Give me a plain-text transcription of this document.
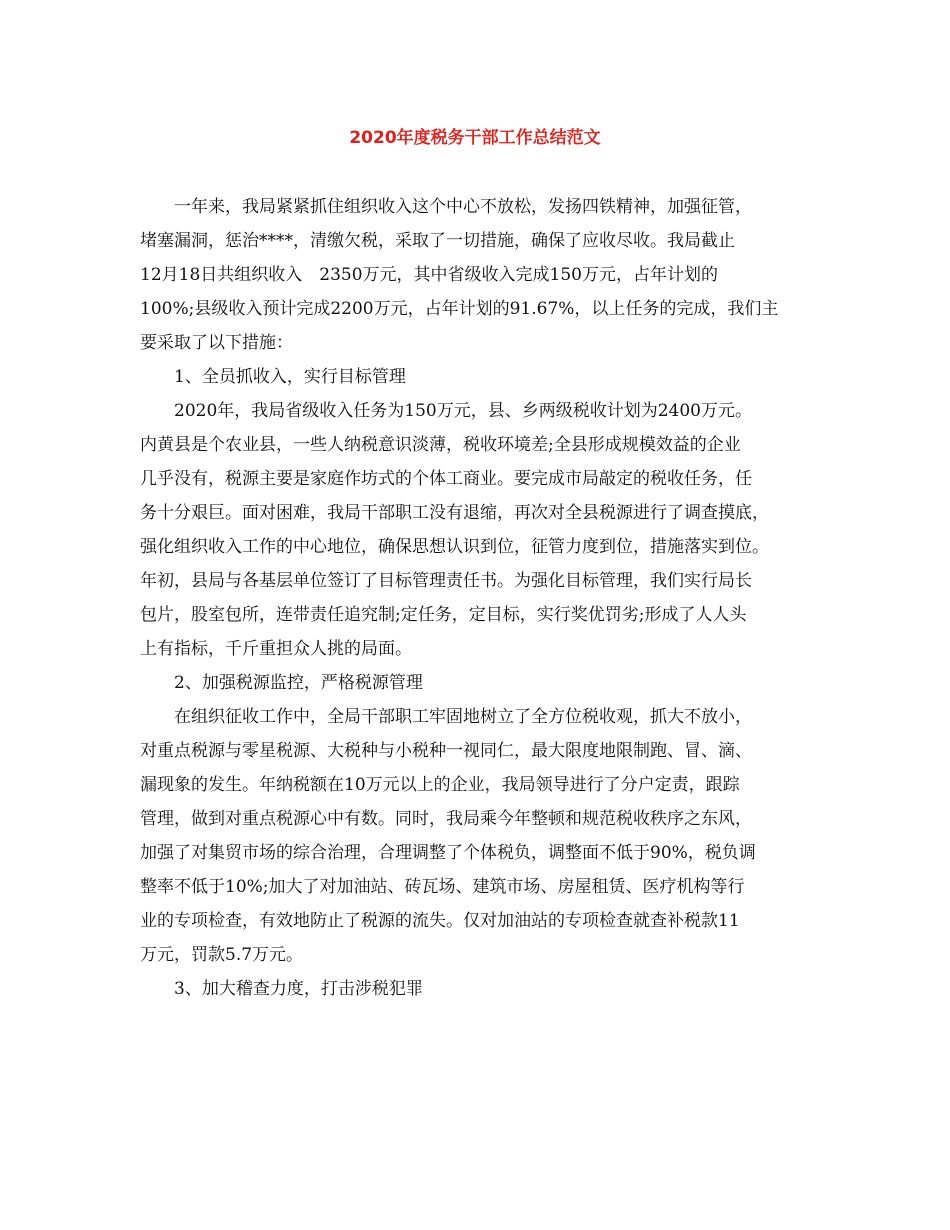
2020年度税务干部工作总结范文
一年来，我局紧紧抓住组织收入这个中心不放松，发扬四铁精神，加强征管，
堵塞漏洞，惩治****，清缴欠税，采取了一切措施，确保了应收尽收。我局截止
12月18日共组织收入　2350万元，其中省级收入完成150万元，占年计划的
100%;县级收入预计完成2200万元，占年计划的91.67%，以上任务的完成，我们主
要采取了以下措施：
1、全员抓收入，实行目标管理
2020年，我局省级收入任务为150万元，县、乡两级税收计划为2400万元。
内黄县是个农业县，一些人纳税意识淡薄，税收环境差;全县形成规模效益的企业
几乎没有，税源主要是家庭作坊式的个体工商业。要完成市局敲定的税收任务，任
务十分艰巨。面对困难，我局干部职工没有退缩，再次对全县税源进行了调查摸底，
强化组织收入工作的中心地位，确保思想认识到位，征管力度到位，措施落实到位。
年初，县局与各基层单位签订了目标管理责任书。为强化目标管理，我们实行局长
包片，股室包所，连带责任追究制;定任务，定目标，实行奖优罚劣;形成了人人头
上有指标，千斤重担众人挑的局面。
2、加强税源监控，严格税源管理
在组织征收工作中，全局干部职工牢固地树立了全方位税收观，抓大不放小，
对重点税源与零星税源、大税种与小税种一视同仁，最大限度地限制跑、冒、滴、
漏现象的发生。年纳税额在10万元以上的企业，我局领导进行了分户定责，跟踪
管理，做到对重点税源心中有数。同时，我局乘今年整顿和规范税收秩序之东风，
加强了对集贸市场的综合治理，合理调整了个体税负，调整面不低于90%，税负调
整率不低于10%;加大了对加油站、砖瓦场、建筑市场、房屋租赁、医疗机构等行
业的专项检查，有效地防止了税源的流失。仅对加油站的专项检查就查补税款11
万元，罚款5.7万元。
3、加大稽查力度，打击涉税犯罪
